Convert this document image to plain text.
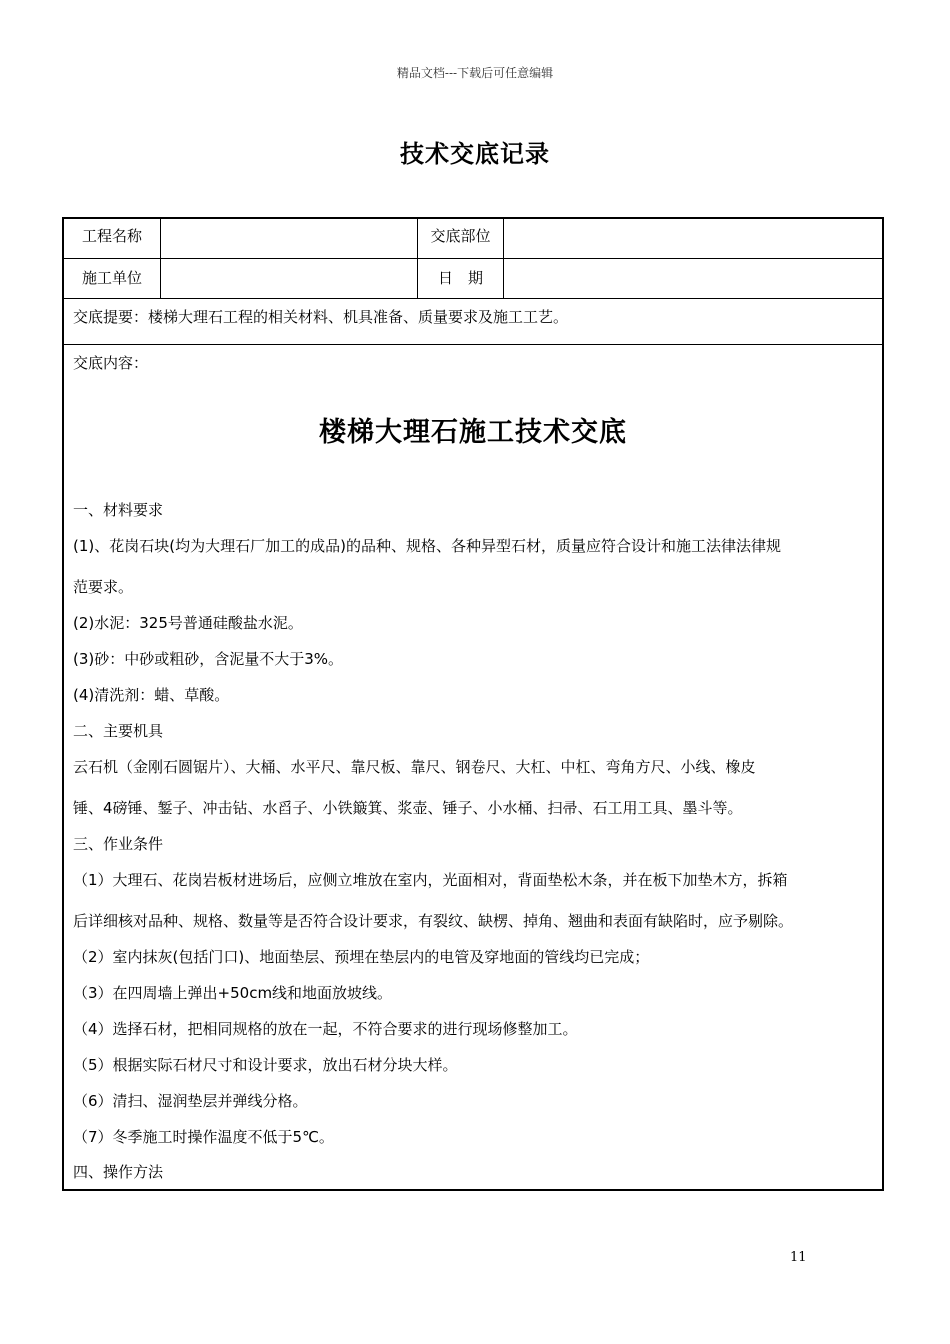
精品文档---下载后可任意编辑
技术交底记录
工程名称	交底部位
施工单位	日　期
交底提要：楼梯大理石工程的相关材料、机具准备、质量要求及施工工艺。
交底内容：
楼梯大理石施工技术交底
一、材料要求
(1)、花岗石块(均为大理石厂加工的成品)的品种、规格、各种异型石材，质量应符合设计和施工法律法律规
范要求。
(2)水泥：325号普通硅酸盐水泥。
(3)砂：中砂或粗砂，含泥量不大于3%。
(4)清洗剂：蜡、草酸。
二、主要机具
云石机（金刚石圆锯片）、大桶、水平尺、靠尺板、靠尺、钢卷尺、大杠、中杠、弯角方尺、小线、橡皮
锤、4磅锤、錾子、冲击钻、水舀子、小铁簸箕、浆壶、锤子、小水桶、扫帚、石工用工具、墨斗等。
三、作业条件
（1）大理石、花岗岩板材进场后，应侧立堆放在室内，光面相对，背面垫松木条，并在板下加垫木方，拆箱
后详细核对品种、规格、数量等是否符合设计要求，有裂纹、缺楞、掉角、翘曲和表面有缺陷时，应予剔除。
（2）室内抹灰(包括门口)、地面垫层、预埋在垫层内的电管及穿地面的管线均已完成；
（3）在四周墙上弹出+50cm线和地面放坡线。
（4）选择石材，把相同规格的放在一起，不符合要求的进行现场修整加工。
（5）根据实际石材尺寸和设计要求，放出石材分块大样。
（6）清扫、湿润垫层并弹线分格。
（7）冬季施工时操作温度不低于5℃。
四、操作方法
11
